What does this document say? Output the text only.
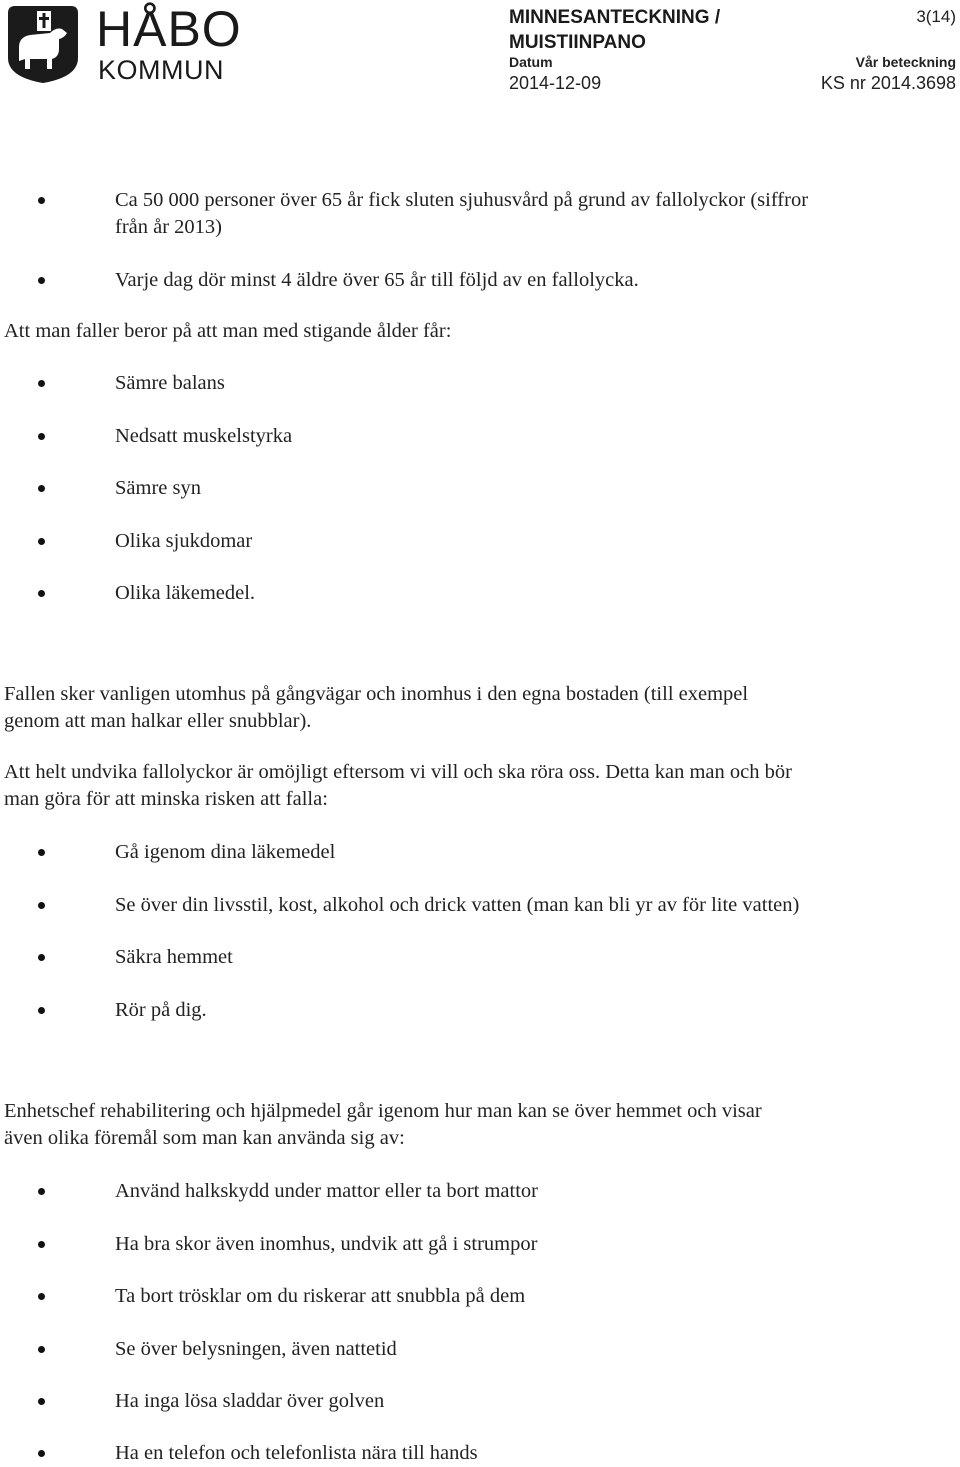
HÅBO
KOMMUN
MINNESANTECKNING /
MUISTIINPANO
3(14)
Datum	Vår beteckning
2014-12-09	KS nr 2014.3698
Ca 50 000 personer över 65 år fick sluten sjuhusvård på grund av fallolyckor (siffror
från år 2013)
Varje dag dör minst 4 äldre över 65 år till följd av en fallolycka.
Att man faller beror på att man med stigande ålder får:
Sämre balans
Nedsatt muskelstyrka
Sämre syn
Olika sjukdomar
Olika läkemedel.
Fallen sker vanligen utomhus på gångvägar och inomhus i den egna bostaden (till exempel
genom att man halkar eller snubblar).
Att helt undvika fallolyckor är omöjligt eftersom vi vill och ska röra oss. Detta kan man och bör
man göra för att minska risken att falla:
Gå igenom dina läkemedel
Se över din livsstil, kost, alkohol och drick vatten (man kan bli yr av för lite vatten)
Säkra hemmet
Rör på dig.
Enhetschef rehabilitering och hjälpmedel går igenom hur man kan se över hemmet och visar
även olika föremål som man kan använda sig av:
Använd halkskydd under mattor eller ta bort mattor
Ha bra skor även inomhus, undvik att gå i strumpor
Ta bort trösklar om du riskerar att snubbla på dem
Se över belysningen, även nattetid
Ha inga lösa sladdar över golven
Ha en telefon och telefonlista nära till hands
